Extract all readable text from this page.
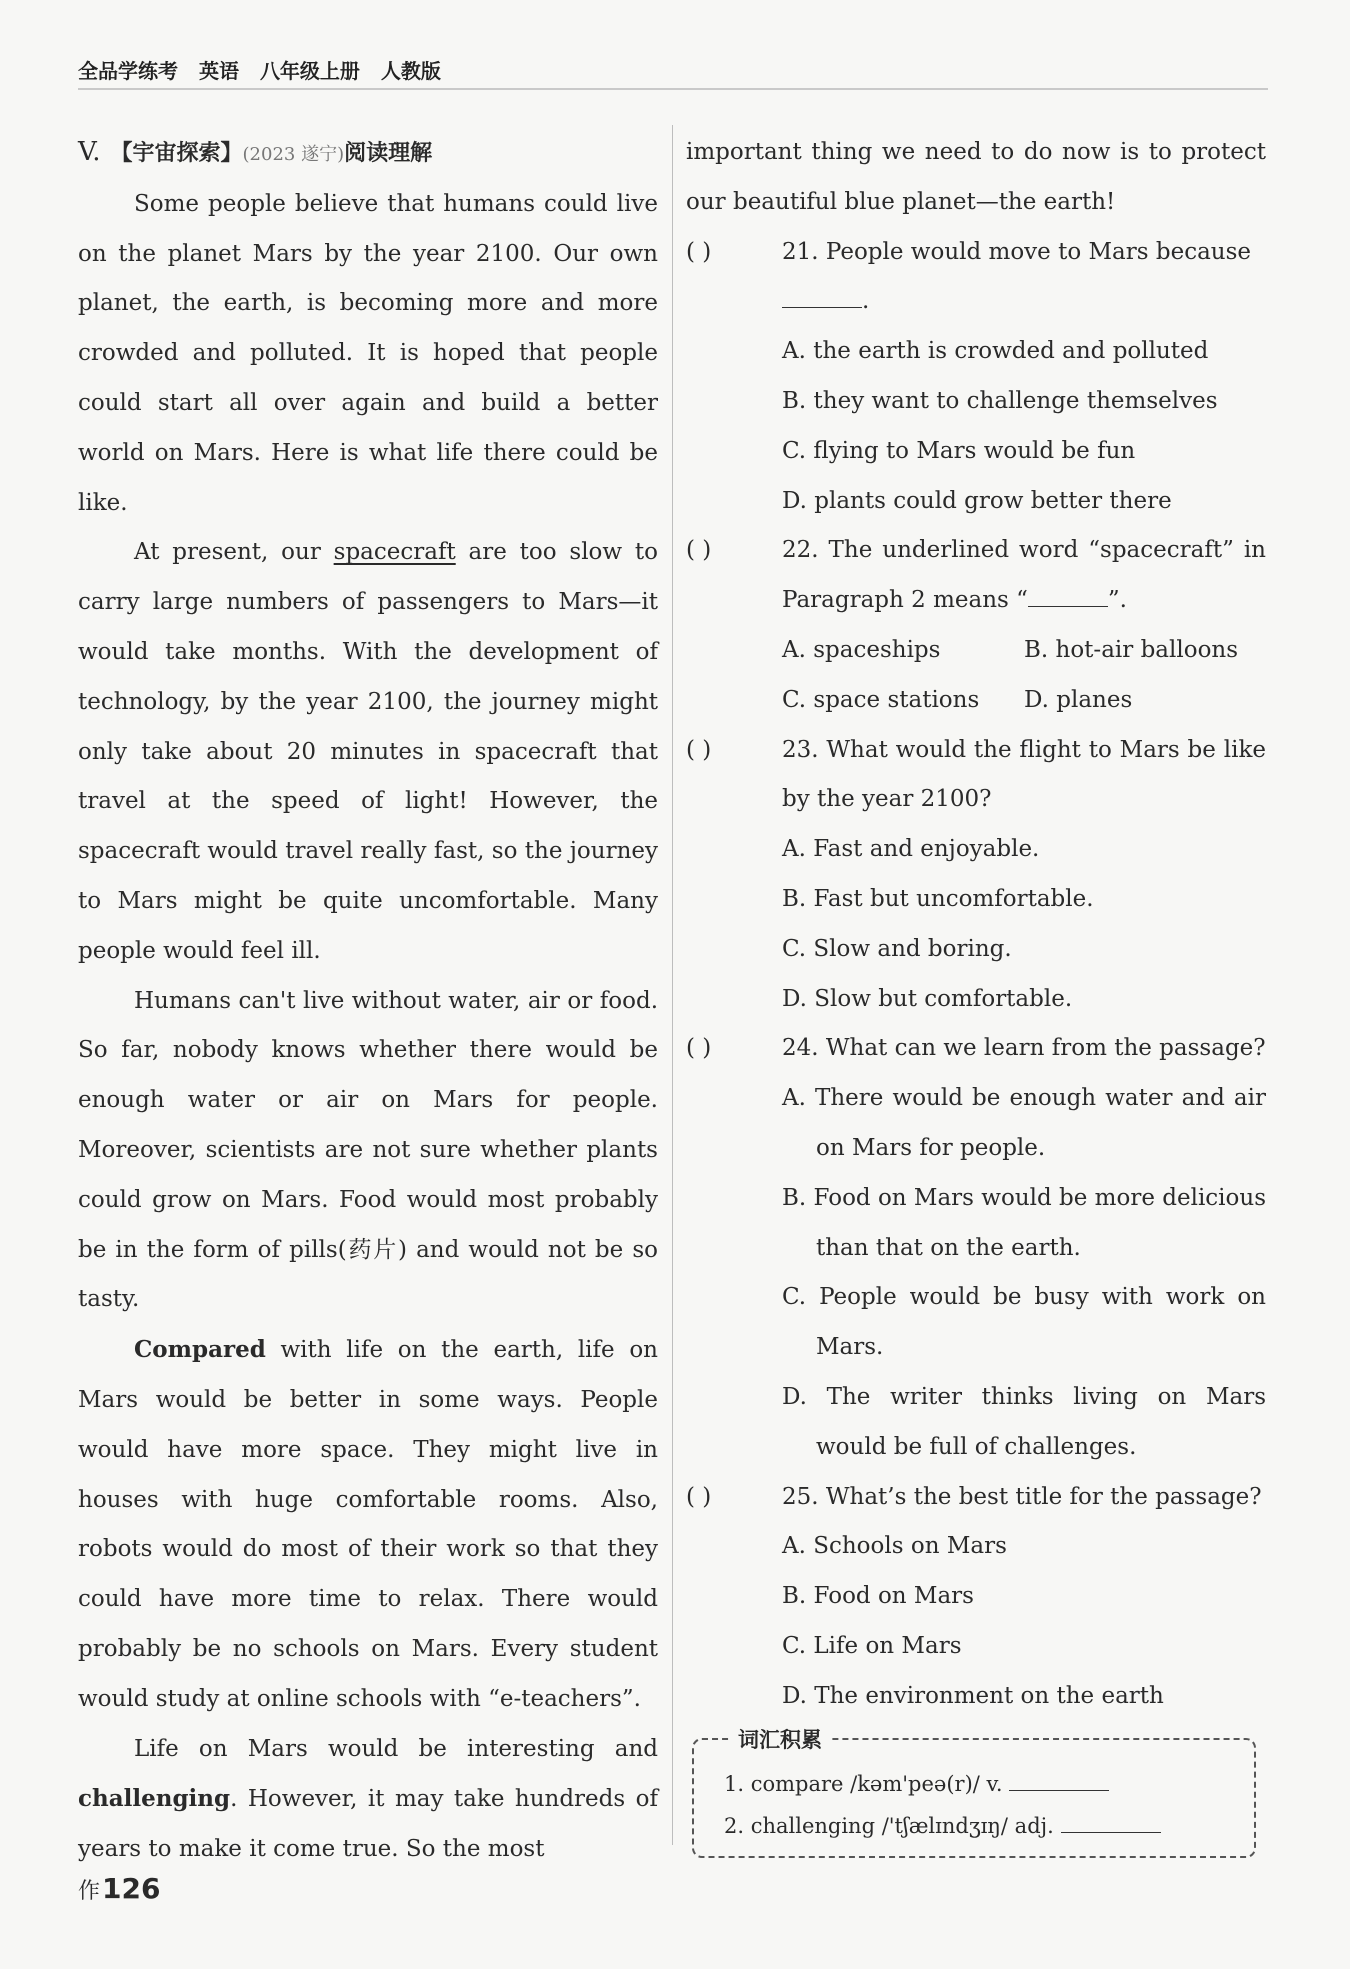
全品学练考 英语 八年级上册 人教版

V. 【宇宙探索】(2023 遂宁)阅读理解

Some people believe that humans could live on the planet Mars by the year 2100. Our own planet, the earth, is becoming more and more crowded and polluted. It is hoped that people could start all over again and build a better world on Mars. Here is what life there could be like.

At present, our spacecraft are too slow to carry large numbers of passengers to Mars—it would take months. With the development of technology, by the year 2100, the journey might only take about 20 minutes in spacecraft that travel at the speed of light! However, the spacecraft would travel really fast, so the journey to Mars might be quite uncomfortable. Many people would feel ill.

Humans can't live without water, air or food. So far, nobody knows whether there would be enough water or air on Mars for people. Moreover, scientists are not sure whether plants could grow on Mars. Food would most probably be in the form of pills(药片) and would not be so tasty.

Compared with life on the earth, life on Mars would be better in some ways. People would have more space. They might live in houses with huge comfortable rooms. Also, robots would do most of their work so that they could have more time to relax. There would probably be no schools on Mars. Every student would study at online schools with “e-teachers”.

Life on Mars would be interesting and challenging. However, it may take hundreds of years to make it come true. So the most

important thing we need to do now is to protect our beautiful blue planet—the earth!

( )	21. People would move to Mars because
.

A. the earth is crowded and polluted
B. they want to challenge themselves
C. flying to Mars would be fun
D. plants could grow better there
( )	22. The underlined word “spacecraft” in Paragraph 2 means “	”.

A. spaceships	B. hot-air balloons
C. space stations	D. planes
( )	23. What would the flight to Mars be like by the year 2100?

A. Fast and enjoyable.
B. Fast but uncomfortable.
C. Slow and boring.
D. Slow but comfortable.
( )	24. What can we learn from the passage?

A. There would be enough water and air on Mars for people.
B. Food on Mars would be more delicious than that on the earth.
C. People would be busy with work on Mars.
D. The writer thinks living on Mars would be full of challenges.
( )	25. What’s the best title for the passage?

A. Schools on Mars
B. Food on Mars
C. Life on Mars
D. The environment on the earth
词汇积累
1. compare /kəm'peə(r)/ v.
2. challenging /'tʃælɪndʒɪŋ/ adj.
作126
